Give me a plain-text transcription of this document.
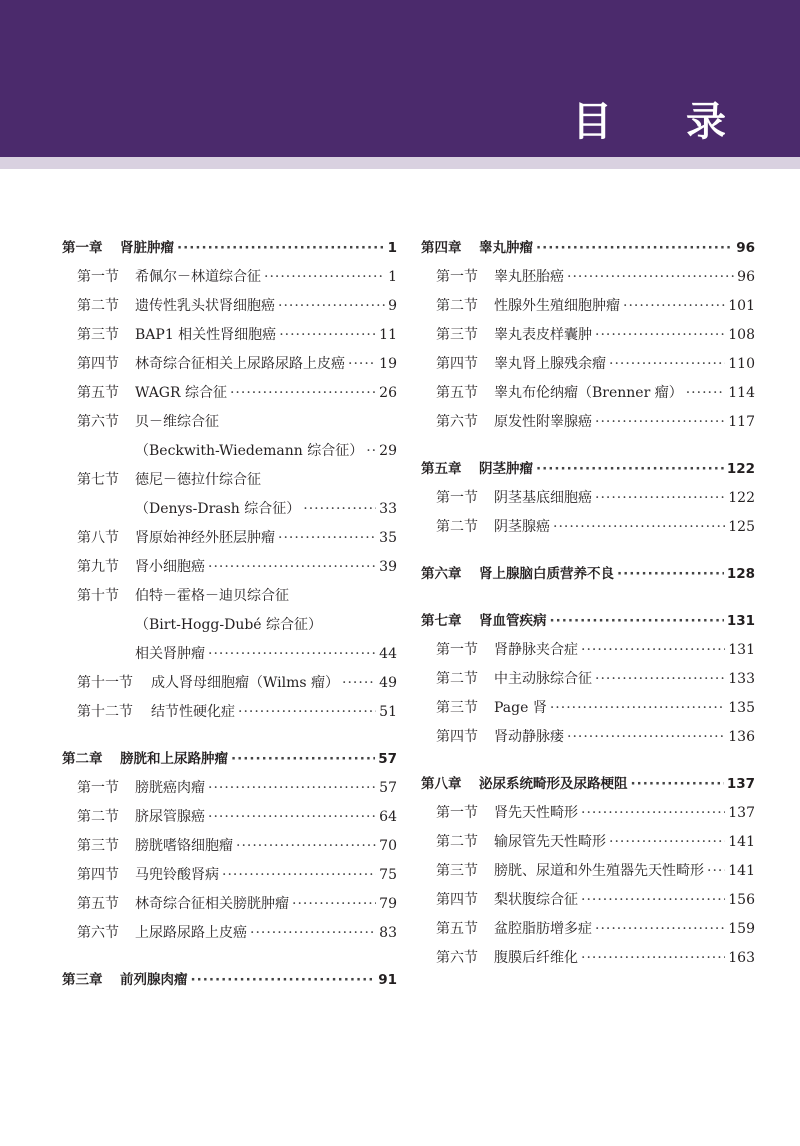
目 录
第一章	肾脏肿瘤 ·····	1
第一节	希佩尔－林道综合征 ·····	1
第二节	遗传性乳头状肾细胞癌 ·····	9
第三节	BAP1 相关性肾细胞癌 ·····	11
第四节	林奇综合征相关上尿路尿路上皮癌 ····· 19
第五节	WAGR 综合征 ·····	26
第六节	贝－维综合征
（Beckwith-Wiedemann 综合征） ····· 29
第七节	德尼－德拉什综合征
（Denys-Drash 综合征） ·····	33
第八节	肾原始神经外胚层肿瘤 ·····	35
第九节	肾小细胞癌 ·····	39
第十节	伯特－霍格－迪贝综合征
（Birt-Hogg-Dubé 综合征）
相关肾肿瘤 ·····	44
第十一节	成人肾母细胞瘤（Wilms 瘤） ·····	49
第十二节	结节性硬化症 ·····	51
第二章	膀胱和上尿路肿瘤 ·····	57
第一节	膀胱癌肉瘤 ·····	57
第二节	脐尿管腺癌 ·····	64
第三节	膀胱嗜铬细胞瘤 ·····	70
第四节	马兜铃酸肾病 ·····	75
第五节	林奇综合征相关膀胱肿瘤 ·····	79
第六节	上尿路尿路上皮癌 ·····	83
第三章	前列腺肉瘤 ·····	91
第四章	睾丸肿瘤 ·····	96
第一节	睾丸胚胎癌 ·····	96
第二节	性腺外生殖细胞肿瘤 ·····	101
第三节	睾丸表皮样囊肿 ·····	108
第四节	睾丸肾上腺残余瘤 ·····	110
第五节	睾丸布伦纳瘤（Brenner 瘤） ·····	114
第六节	原发性附睾腺癌 ·····	117
第五章	阴茎肿瘤 ·····	122
第一节	阴茎基底细胞癌 ·····	122
第二节	阴茎腺癌 ·····	125
第六章	肾上腺脑白质营养不良 ·····	128
第七章	肾血管疾病 ·····	131
第一节	肾静脉夹合症 ·····	131
第二节	中主动脉综合征 ·····	133
第三节	Page 肾 ·····	135
第四节	肾动静脉瘘 ·····	136
第八章	泌尿系统畸形及尿路梗阻 ·····	137
第一节	肾先天性畸形 ·····	137
第二节	输尿管先天性畸形 ·····	141
第三节	膀胱、尿道和外生殖器先天性畸形 ····· 141
第四节	梨状腹综合征 ·····	156
第五节	盆腔脂肪增多症 ·····	159
第六节	腹膜后纤维化 ·····	163
